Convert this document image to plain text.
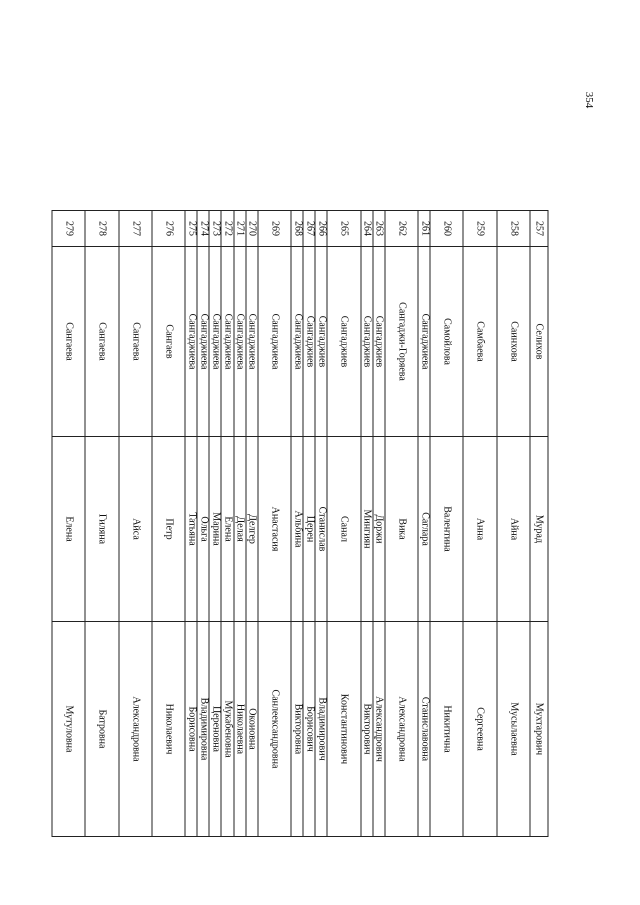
354
257	Селихов	Мурад	Мухтарович
258	Саинхова	Айна	Мусылаевна
259	Самбаева	Анна	Сергеевна
260	Самойлова	Валентина	Никитична
261	Сангаджиева	Саглара	Станиславовна
262	Сангаджи-Горяева	Вика	Александровна
263	Сангаджиев	Доржи	Александрович
264	Сангаджиев	Мингиян	Викторович
265	Сангаджиев	Санал	Константинович
266	Сангаджиев	Станислав	Владимирович
267	Сангаджиев	Церен	Борисович
268	Сангаджиева	Альбина	Викторовна
269	Сангаджиева	Анастасия	Санлеександровна
270	Сангаджиева	Делгер	Окоиовна
271	Сангаджиева	Делая	Николаевна
272	Сангаджиева	Елена	Мукабеновна
273	Сангаджиева	Марина	Цереновна
274	Сангаджиева	Ольга	Владимировна
275	Сангаджиева	Татьяна	Борисовна
276	Сангаев	Петр	Николаевич
277	Сангаева	Айса	Александровна
278	Сангаева	Гиляна	Батровна
279	Сангаева	Елена	Мутуловна
